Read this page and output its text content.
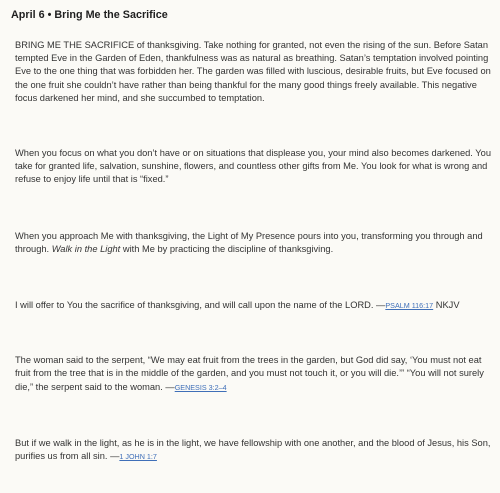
April 6 • Bring Me the Sacrifice

BRING ME THE SACRIFICE of thanksgiving. Take nothing for granted, not even the rising of the sun. Before Satan tempted Eve in the Garden of Eden, thankfulness was as natural as breathing. Satan’s temptation involved pointing Eve to the one thing that was forbidden her. The garden was filled with luscious, desirable fruits, but Eve focused on the one fruit she couldn’t have rather than being thankful for the many good things freely available. This negative focus darkened her mind, and she succumbed to temptation.

When you focus on what you don’t have or on situations that displease you, your mind also becomes darkened. You take for granted life, salvation, sunshine, flowers, and countless other gifts from Me. You look for what is wrong and refuse to enjoy life until that is “fixed.”

When you approach Me with thanksgiving, the Light of My Presence pours into you, transforming you through and through. Walk in the Light with Me by practicing the discipline of thanksgiving.

I will offer to You the sacrifice of thanksgiving, and will call upon the name of the LORD. —PSALM 116:17 NKJV

The woman said to the serpent, “We may eat fruit from the trees in the garden, but God did say, ‘You must not eat fruit from the tree that is in the middle of the garden, and you must not touch it, or you will die.’” “You will not surely die,” the serpent said to the woman. —GENESIS 3:2–4

But if we walk in the light, as he is in the light, we have fellowship with one another, and the blood of Jesus, his Son, purifies us from all sin. —1 JOHN 1:7
